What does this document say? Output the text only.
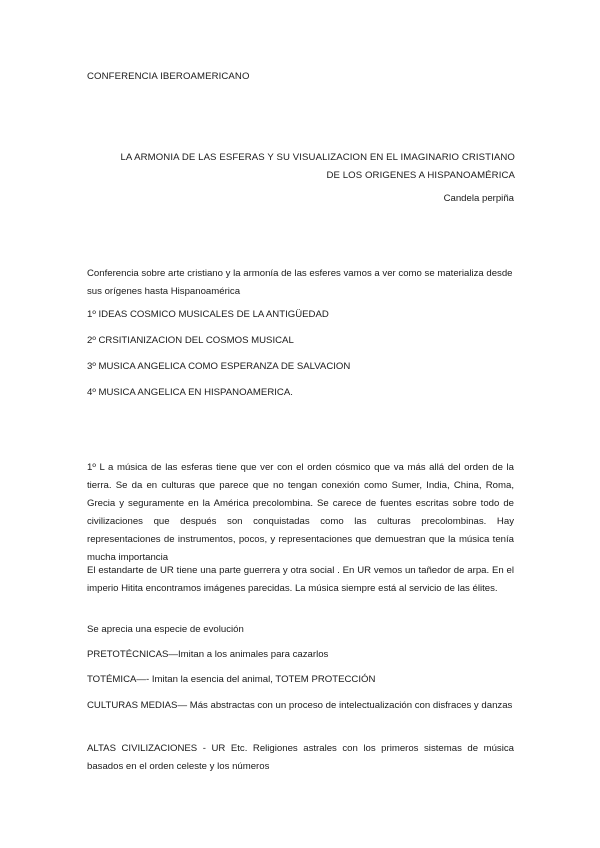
CONFERENCIA IBEROAMERICANO
LA ARMONIA DE LAS ESFERAS Y SU VISUALIZACION EN EL IMAGINARIO CRISTIANO DE LOS ORIGENES A HISPANOAMÉRICA
Candela perpiña
Conferencia sobre arte cristiano y la armonía de las esferes vamos a ver como se materializa desde sus orígenes hasta Hispanoamérica
1º IDEAS COSMICO MUSICALES DE LA ANTIGÜEDAD
2º CRSITIANIZACION DEL COSMOS MUSICAL
3º MUSICA ANGELICA COMO ESPERANZA DE SALVACION
4º MUSICA ANGELICA EN HISPANOAMERICA.

1º L a música de las esferas tiene que ver con el orden cósmico que va más allá del orden de la tierra. Se da en culturas que parece que no tengan conexión como Sumer, India, China, Roma, Grecia y seguramente en la América precolombina. Se carece de fuentes escritas sobre todo de civilizaciones que después son conquistadas como las culturas precolombinas. Hay representaciones de instrumentos, pocos, y representaciones que demuestran que la música tenía mucha importancia

El estandarte de UR tiene una parte guerrera y otra social . En UR vemos un tañedor de arpa. En el imperio Hitita encontramos imágenes parecidas. La música siempre está al servicio de las élites.

Se aprecia una especie de evolución

PRETOTÉCNICAS—Imitan a los animales para cazarlos

TOTÉMICA—- Imitan la esencia del animal, TOTEM PROTECCIÓN

CULTURAS MEDIAS— Más abstractas con un proceso de intelectualización con disfraces y danzas

ALTAS CIVILIZACIONES - UR Etc. Religiones astrales con los primeros sistemas de música basados en el orden celeste y los números
